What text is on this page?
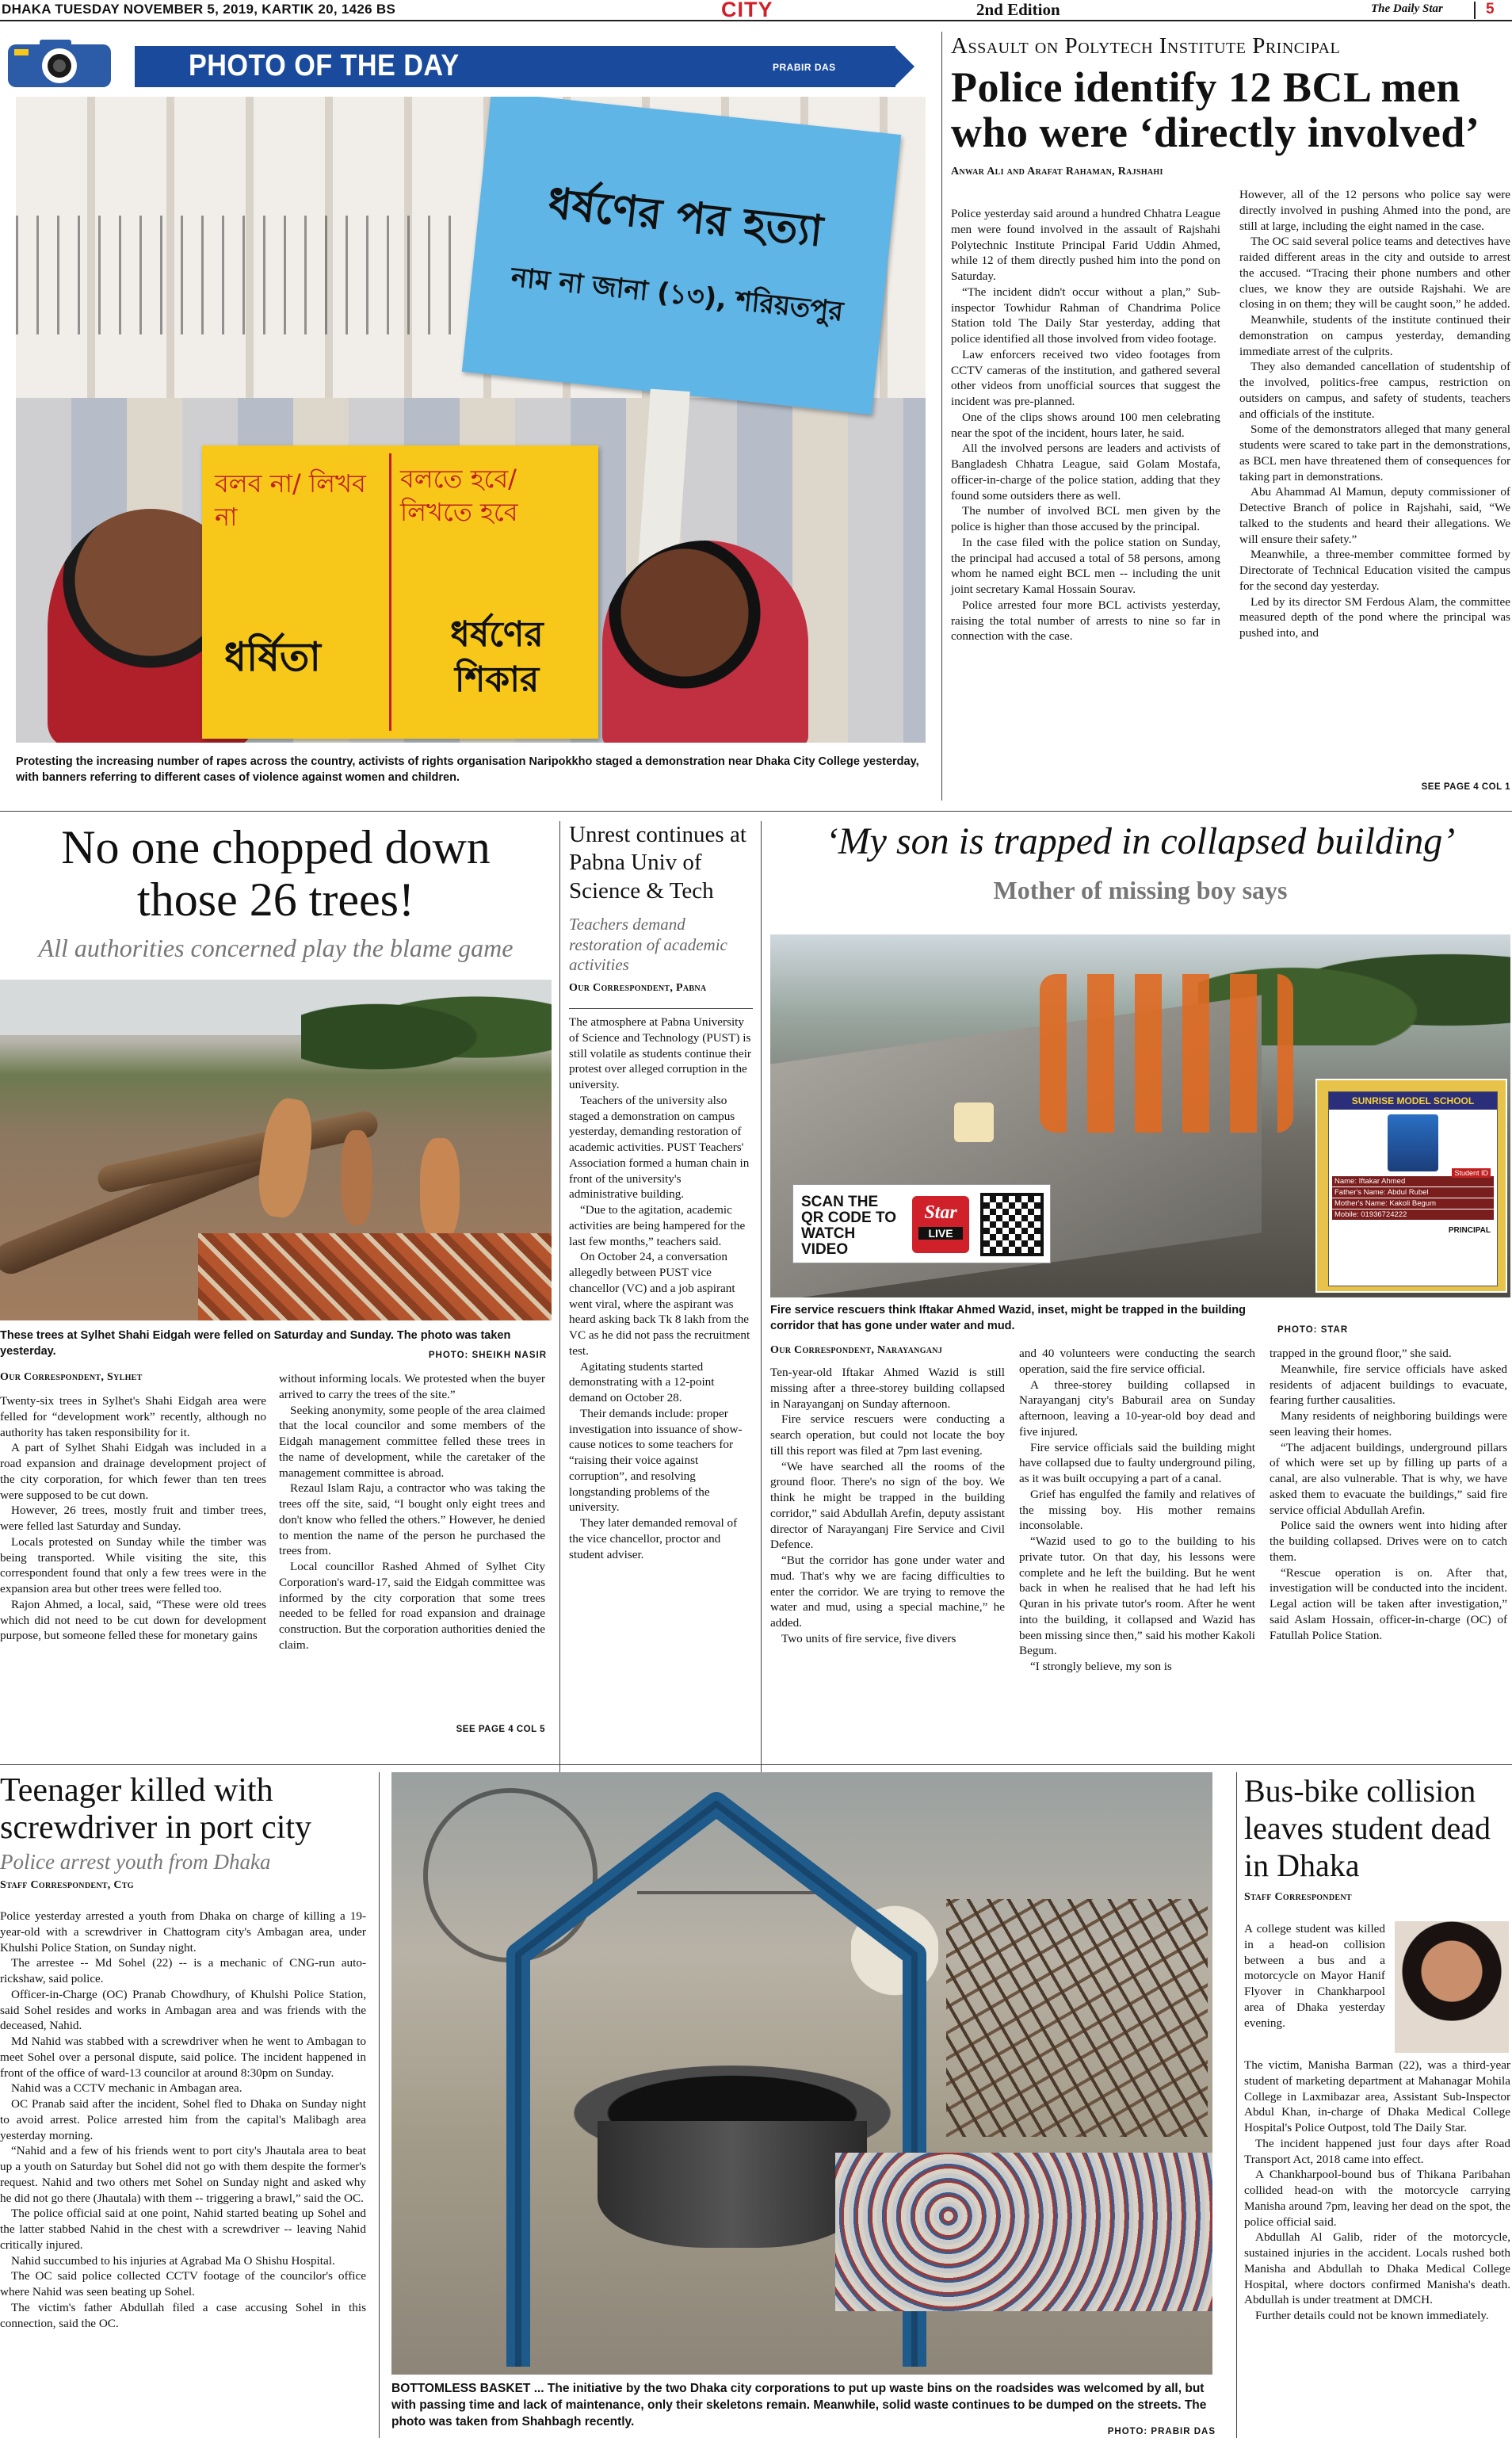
DHAKA TUESDAY NOVEMBER 5, 2019, KARTIK 20, 1426 BS	CITY	2nd Edition	The Daily Star	5
PHOTO OF THE DAY	PRABIR DAS
ধর্ষণের পর হত্যা
নাম না জানা (১৩), শরিয়তপুর
বলব না/ লিখব না
বলতে হবে/ লিখতে হবে
ধর্ষিতা	ধর্ষণের শিকার
Protesting the increasing number of rapes across the country, activists of rights organisation Naripokkho staged a demonstration near Dhaka City College yesterday, with banners referring to different cases of violence against women and children.
Assault on Polytech Institute Principal
Police identify 12 BCL men who were ‘directly involved’
Anwar Ali and Arafat Rahaman, Rajshahi

Police yesterday said around a hundred Chhatra League men were found involved in the assault of Rajshahi Polytechnic Institute Principal Farid Uddin Ahmed, while 12 of them directly pushed him into the pond on Saturday.

“The incident didn't occur without a plan,” Sub-inspector Towhidur Rahman of Chandrima Police Station told The Daily Star yesterday, adding that police identified all those involved from video footage.

Law enforcers received two video footages from CCTV cameras of the institution, and gathered several other videos from unofficial sources that suggest the incident was pre-planned.

One of the clips shows around 100 men celebrating near the spot of the incident, hours later, he said.

All the involved persons are leaders and activists of Bangladesh Chhatra League, said Golam Mostafa, officer-in-charge of the police station, adding that they found some outsiders there as well.

The number of involved BCL men given by the police is higher than those accused by the principal.

In the case filed with the police station on Sunday, the principal had accused a total of 58 persons, among whom he named eight BCL men -- including the unit joint secretary Kamal Hossain Sourav.

Police arrested four more BCL activists yesterday, raising the total number of arrests to nine so far in connection with the case.

However, all of the 12 persons who police say were directly involved in pushing Ahmed into the pond, are still at large, including the eight named in the case.

The OC said several police teams and detectives have raided different areas in the city and outside to arrest the accused. “Tracing their phone numbers and other clues, we know they are outside Rajshahi. We are closing in on them; they will be caught soon,” he added.

Meanwhile, students of the institute continued their demonstration on campus yesterday, demanding immediate arrest of the culprits.

They also demanded cancellation of studentship of the involved, politics-free campus, restriction on outsiders on campus, and safety of students, teachers and officials of the institute.

Some of the demonstrators alleged that many general students were scared to take part in the demonstrations, as BCL men have threatened them of consequences for taking part in demonstrations.

Abu Ahammad Al Mamun, deputy commissioner of Detective Branch of police in Rajshahi, said, “We talked to the students and heard their allegations. We will ensure their safety.”

Meanwhile, a three-member committee formed by Directorate of Technical Education visited the campus for the second day yesterday.

Led by its director SM Ferdous Alam, the committee measured depth of the pond where the principal was pushed into, and

SEE PAGE 4 COL 1
No one chopped down those 26 trees!
All authorities concerned play the blame game
These trees at Sylhet Shahi Eidgah were felled on Saturday and Sunday. The photo was taken yesterday.	PHOTO: SHEIKH NASIR
Our Correspondent, Sylhet

Twenty-six trees in Sylhet's Shahi Eidgah area were felled for “development work” recently, although no authority has taken responsibility for it.

A part of Sylhet Shahi Eidgah was included in a road expansion and drainage development project of the city corporation, for which fewer than ten trees were supposed to be cut down.

However, 26 trees, mostly fruit and timber trees, were felled last Saturday and Sunday.

Locals protested on Sunday while the timber was being transported. While visiting the site, this correspondent found that only a few trees were in the expansion area but other trees were felled too.

Rajon Ahmed, a local, said, “These were old trees which did not need to be cut down for development purpose, but someone felled these for monetary gains

without informing locals. We protested when the buyer arrived to carry the trees of the site.”

Seeking anonymity, some people of the area claimed that the local councilor and some members of the Eidgah management committee felled these trees in the name of development, while the caretaker of the management committee is abroad.

Rezaul Islam Raju, a contractor who was taking the trees off the site, said, “I bought only eight trees and don't know who felled the others.” However, he denied to mention the name of the person he purchased the trees from.

Local councillor Rashed Ahmed of Sylhet City Corporation's ward-17, said the Eidgah committee was informed by the city corporation that some trees needed to be felled for road expansion and drainage construction. But the corporation authorities denied the claim.

SEE PAGE 4 COL 5
Unrest continues at Pabna Univ of Science & Tech
Teachers demand restoration of academic activities
Our Correspondent, Pabna

The atmosphere at Pabna University of Science and Technology (PUST) is still volatile as students continue their protest over alleged corruption in the university.

Teachers of the university also staged a demonstration on campus yesterday, demanding restoration of academic activities. PUST Teachers' Association formed a human chain in front of the university's administrative building.

“Due to the agitation, academic activities are being hampered for the last few months,” teachers said.

On October 24, a conversation allegedly between PUST vice chancellor (VC) and a job aspirant went viral, where the aspirant was heard asking back Tk 8 lakh from the VC as he did not pass the recruitment test.

Agitating students started demonstrating with a 12-point demand on October 28.

Their demands include: proper investigation into issuance of show-cause notices to some teachers for “raising their voice against corruption”, and resolving longstanding problems of the university.

They later demanded removal of the vice chancellor, proctor and student adviser.

‘My son is trapped in collapsed building’
Mother of missing boy says
SCAN THE QR CODE TO WATCH VIDEO
Star
LIVE
SUNRISE MODEL SCHOOL
Student ID
Name: Iftakar Ahmed
Father's Name: Abdul Rubel
Mother's Name: Kakoli Begum
Mobile: 01936724222
PRINCIPAL
Fire service rescuers think Iftakar Ahmed Wazid, inset, might be trapped in the building corridor that has gone under water and mud.	PHOTO: STAR
Our Correspondent, Narayanganj

Ten-year-old Iftakar Ahmed Wazid is still missing after a three-storey building collapsed in Narayanganj on Sunday afternoon.

Fire service rescuers were conducting a search operation, but could not locate the boy till this report was filed at 7pm last evening.

“We have searched all the rooms of the ground floor. There's no sign of the boy. We think he might be trapped in the building corridor,” said Abdullah Arefin, deputy assistant director of Narayanganj Fire Service and Civil Defence.

“But the corridor has gone under water and mud. That's why we are facing difficulties to enter the corridor. We are trying to remove the water and mud, using a special machine,” he added.

Two units of fire service, five divers

and 40 volunteers were conducting the search operation, said the fire service official.

A three-storey building collapsed in Narayanganj city's Baburail area on Sunday afternoon, leaving a 10-year-old boy dead and five injured.

Fire service officials said the building might have collapsed due to faulty underground piling, as it was built occupying a part of a canal.

Grief has engulfed the family and relatives of the missing boy. His mother remains inconsolable.

“Wazid used to go to the building to his private tutor. On that day, his lessons were complete and he left the building. But he went back in when he realised that he had left his Quran in his private tutor's room. After he went into the building, it collapsed and Wazid has been missing since then,” said his mother Kakoli Begum.

“I strongly believe, my son is

trapped in the ground floor,” she said.

Meanwhile, fire service officials have asked residents of adjacent buildings to evacuate, fearing further causalities.

Many residents of neighboring buildings were seen leaving their homes.

“The adjacent buildings, underground pillars of which were set up by filling up parts of a canal, are also vulnerable. That is why, we have asked them to evacuate the buildings,” said fire service official Abdullah Arefin.

Police said the owners went into hiding after the building collapsed. Drives were on to catch them.

“Rescue operation is on. After that, investigation will be conducted into the incident. Legal action will be taken after investigation,” said Aslam Hossain, officer-in-charge (OC) of Fatullah Police Station.

Teenager killed with screwdriver in port city
Police arrest youth from Dhaka
Staff Correspondent, Ctg

Police yesterday arrested a youth from Dhaka on charge of killing a 19-year-old with a screwdriver in Chattogram city's Ambagan area, under Khulshi Police Station, on Sunday night.

The arrestee -- Md Sohel (22) -- is a mechanic of CNG-run auto-rickshaw, said police.

Officer-in-Charge (OC) Pranab Chowdhury, of Khulshi Police Station, said Sohel resides and works in Ambagan area and was friends with the deceased, Nahid.

Md Nahid was stabbed with a screwdriver when he went to Ambagan to meet Sohel over a personal dispute, said police. The incident happened in front of the office of ward-13 councilor at around 8:30pm on Sunday.

Nahid was a CCTV mechanic in Ambagan area.

OC Pranab said after the incident, Sohel fled to Dhaka on Sunday night to avoid arrest. Police arrested him from the capital's Malibagh area yesterday morning.

“Nahid and a few of his friends went to port city's Jhautala area to beat up a youth on Saturday but Sohel did not go with them despite the former's request. Nahid and two others met Sohel on Sunday night and asked why he did not go there (Jhautala) with them -- triggering a brawl,” said the OC.

The police official said at one point, Nahid started beating up Sohel and the latter stabbed Nahid in the chest with a screwdriver -- leaving Nahid critically injured.

Nahid succumbed to his injuries at Agrabad Ma O Shishu Hospital.

The OC said police collected CCTV footage of the councilor's office where Nahid was seen beating up Sohel.

The victim's father Abdullah filed a case accusing Sohel in this connection, said the OC.

BOTTOMLESS BASKET ... The initiative by the two Dhaka city corporations to put up waste bins on the roadsides was welcomed by all, but with passing time and lack of maintenance, only their skeletons remain. Meanwhile, solid waste continues to be dumped on the streets. The photo was taken from Shahbagh recently.
PHOTO: PRABIR DAS
Bus-bike collision leaves student dead in Dhaka
Staff Correspondent
A college student was killed in a head-on collision between a bus and a motorcycle on Mayor Hanif Flyover in Chankharpool area of Dhaka yesterday evening.

The victim, Manisha Barman (22), was a third-year student of marketing department at Mahanagar Mohila College in Laxmibazar area, Assistant Sub-Inspector Abdul Khan, in-charge of Dhaka Medical College Hospital's Police Outpost, told The Daily Star.

The incident happened just four days after Road Transport Act, 2018 came into effect.

A Chankharpool-bound bus of Thikana Paribahan collided head-on with the motorcycle carrying Manisha around 7pm, leaving her dead on the spot, the police official said.

Abdullah Al Galib, rider of the motorcycle, sustained injuries in the accident. Locals rushed both Manisha and Abdullah to Dhaka Medical College Hospital, where doctors confirmed Manisha's death. Abdullah is under treatment at DMCH.

Further details could not be known immediately.
